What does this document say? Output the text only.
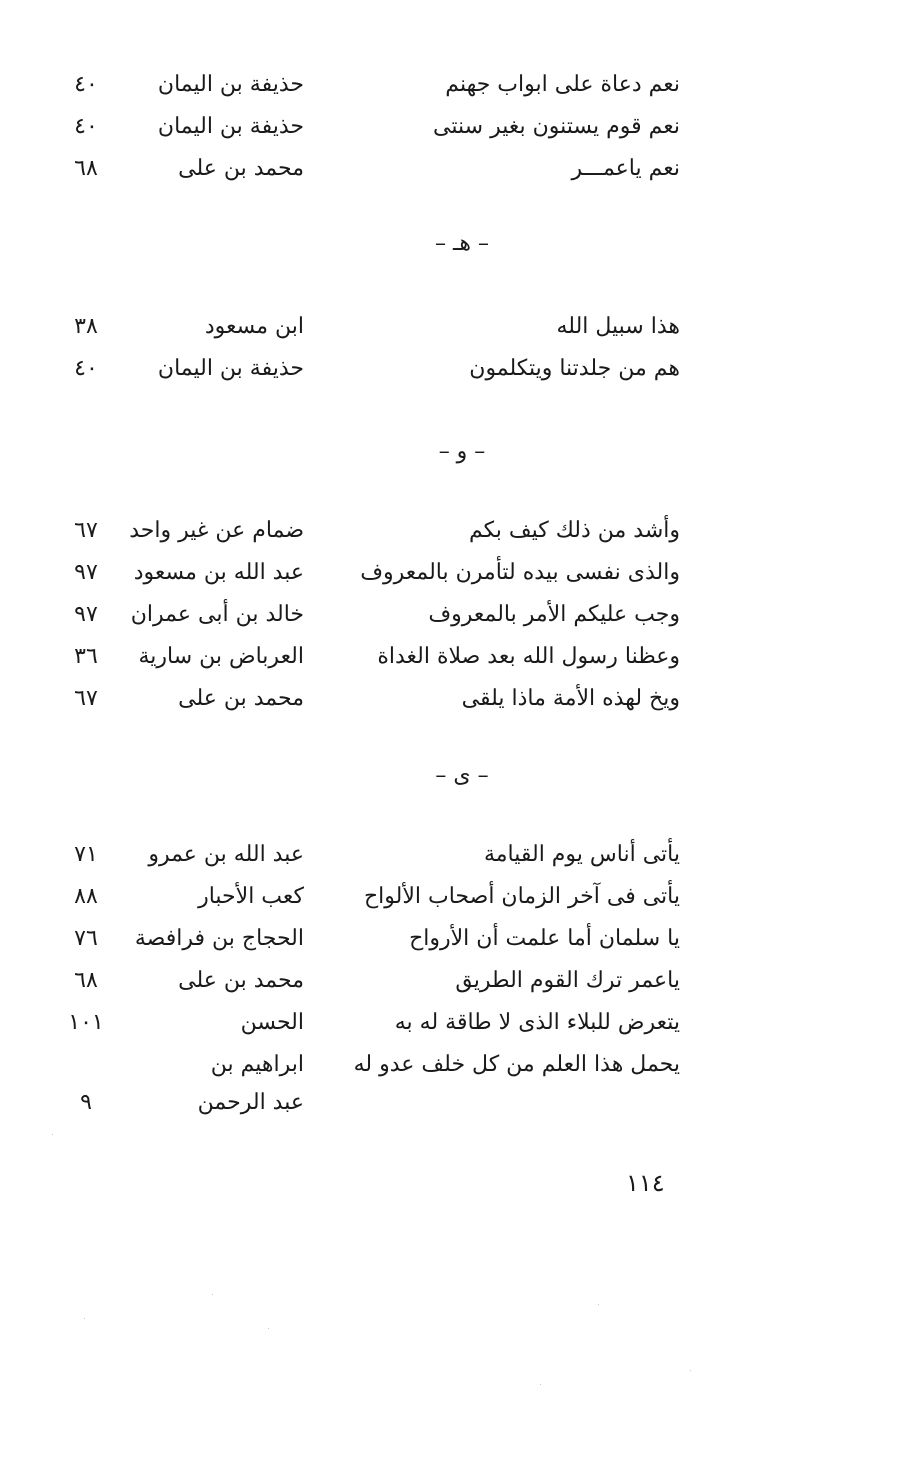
نعم دعاة على ابواب جهنم
حذيفة بن اليمان
٤٠
نعم قوم يستنون بغير سنتى
حذيفة بن اليمان
٤٠
نعم ياعمـــر
محمد بن على
٦٨
– هـ –
هذا سبيل الله
ابن مسعود
٣٨
هم من جلدتنا ويتكلمون
حذيفة بن اليمان
٤٠
– و –
وأشد من ذلك كيف بكم
ضمام عن غير واحد
٦٧
والذى نفسى بيده لتأمرن بالمعروف
عبد الله بن مسعود
٩٧
وجب عليكم الأمر بالمعروف
خالد بن أبى عمران
٩٧
وعظنا رسول الله بعد صلاة الغداة
العرباض بن سارية
٣٦
ويخ لهذه الأمة ماذا يلقى
محمد بن على
٦٧
– ى –
يأتى أناس يوم القيامة
عبد الله بن عمرو
٧١
يأتى فى آخر الزمان أصحاب الألواح
كعب الأحبار
٨٨
يا سلمان أما علمت أن الأرواح
الحجاج بن فرافصة
٧٦
ياعمر ترك القوم الطريق
محمد بن على
٦٨
يتعرض للبلاء الذى لا طاقة له به
الحسن
١٠١
يحمل هذا العلم من كل خلف عدو له
ابراهيم بن
عبد الرحمن
٩
١١٤
